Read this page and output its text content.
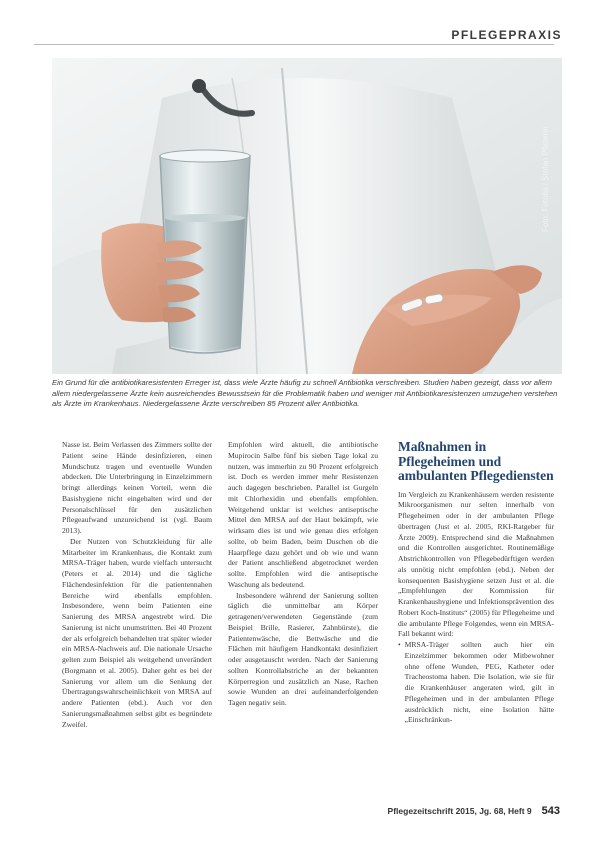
PFLEGEPRAXIS
Foto: Fotolia / Stefan Pfisterer
Ein Grund für die antibiotikaresistenten Erreger ist, dass viele Ärzte häufig zu schnell Antibiotika verschreiben. Studien haben gezeigt, dass vor allem allem niedergelassene Ärzte kein ausreichendes Bewusstsein für die Problematik haben und weniger mit Antibiotikaresistenzen umzugehen verstehen als Ärzte im Krankenhaus. Niedergelassene Ärzte verschreiben 85 Prozent aller Antibiotika.

Nasse ist. Beim Verlassen des Zimmers sollte der Patient seine Hände desinfizieren, einen Mundschutz tragen und eventuelle Wunden abdecken. Die Unterbringung in Einzelzimmern bringt allerdings keinen Vorteil, wenn die Basishygiene nicht eingehalten wird und der Personalschlüssel für den zusätzlichen Pflegeaufwand unzureichend ist (vgl. Baum 2013).

Der Nutzen von Schutzkleidung für alle Mitarbeiter im Krankenhaus, die Kontakt zum MRSA-Träger haben, wurde vielfach untersucht (Peters et al. 2014) und die tägliche Flächendesinfektion für die patientennahen Bereiche wird ebenfalls empfohlen. Insbesondere, wenn beim Patienten eine Sanierung des MRSA angestrebt wird. Die Sanierung ist nicht unumstritten. Bei 40 Prozent der als erfolgreich behandelten trat später wieder ein MRSA-Nachweis auf. Die nationale Ursache gelten zum Beispiel als weitgehend unverändert (Borgmann et al. 2005). Daher geht es bei der Sanierung vor allem um die Senkung der Übertragungswahrscheinlichkeit von MRSA auf andere Patienten (ebd.). Auch vor den Sanierungsmaßnahmen selbst gibt es begründete Zweifel.

Empfohlen wird aktuell, die antibiotische Mupirocin Salbe fünf bis sieben Tage lokal zu nutzen, was immerhin zu 90 Prozent erfolgreich ist. Doch es werden immer mehr Resistenzen auch dagegen beschrieben. Parallel ist Gurgeln mit Chlorhexidin und ebenfalls empfohlen. Weitgehend unklar ist welches antiseptische Mittel den MRSA auf der Haut bekämpft, wie wirksam dies ist und wie genau dies erfolgen sollte, ob beim Baden, beim Duschen ob die Haarpflege dazu gehört und ob wie und wann der Patient anschließend abgetrocknet werden sollte. Empfohlen wird die antiseptische Waschung als bedeutend.

Insbesondere während der Sanierung sollten täglich die unmittelbar am Körper getragenen/verwendeten Gegenstände (zum Beispiel Brille, Rasierer, Zahnbürste), die Patientenwäsche, die Bettwäsche und die Flächen mit häufigem Handkontakt desinfiziert oder ausgetauscht werden. Nach der Sanierung sollten Kontrollabstriche an der bekannten Körperregion und zusätzlich an Nase, Rachen sowie Wunden an drei aufeinanderfolgenden Tagen negativ sein.

Maßnahmen in Pflegeheimen und ambulanten Pflegediensten

Im Vergleich zu Krankenhäusern werden resistente Mikroorganismen nur selten innerhalb von Pflegeheimen oder in der ambulanten Pflege übertragen (Just et al. 2005, RKI-Ratgeber für Ärzte 2009). Entsprechend sind die Maßnahmen und die Kontrollen ausgerichtet. Routinemäßige Abstrichkontrollen von Pflegebedürftigen werden als unnötig nicht empfohlen (ebd.). Neben der konsequenten Basishygiene setzen Just et al. die „Empfehlungen der Kommission für Krankenhaushygiene und Infektionsprävention des Robert Koch-Instituts“ (2005) für Pflegeheime und die ambulante Pflege Folgendes, wenn ein MRSA-Fall bekannt wird:

• MRSA-Träger sollten auch hier ein Einzelzimmer bekommen oder Mitbewohner ohne offene Wunden, PEG, Katheter oder Tracheostoma haben. Die Isolation, wie sie für die Krankenhäuser angeraten wird, gilt in Pflegeheimen und in der ambulanten Pflege ausdrücklich nicht, eine Isolation hätte „Einschränkun-
Pflegezeitschrift 2015, Jg. 68, Heft 9 543
